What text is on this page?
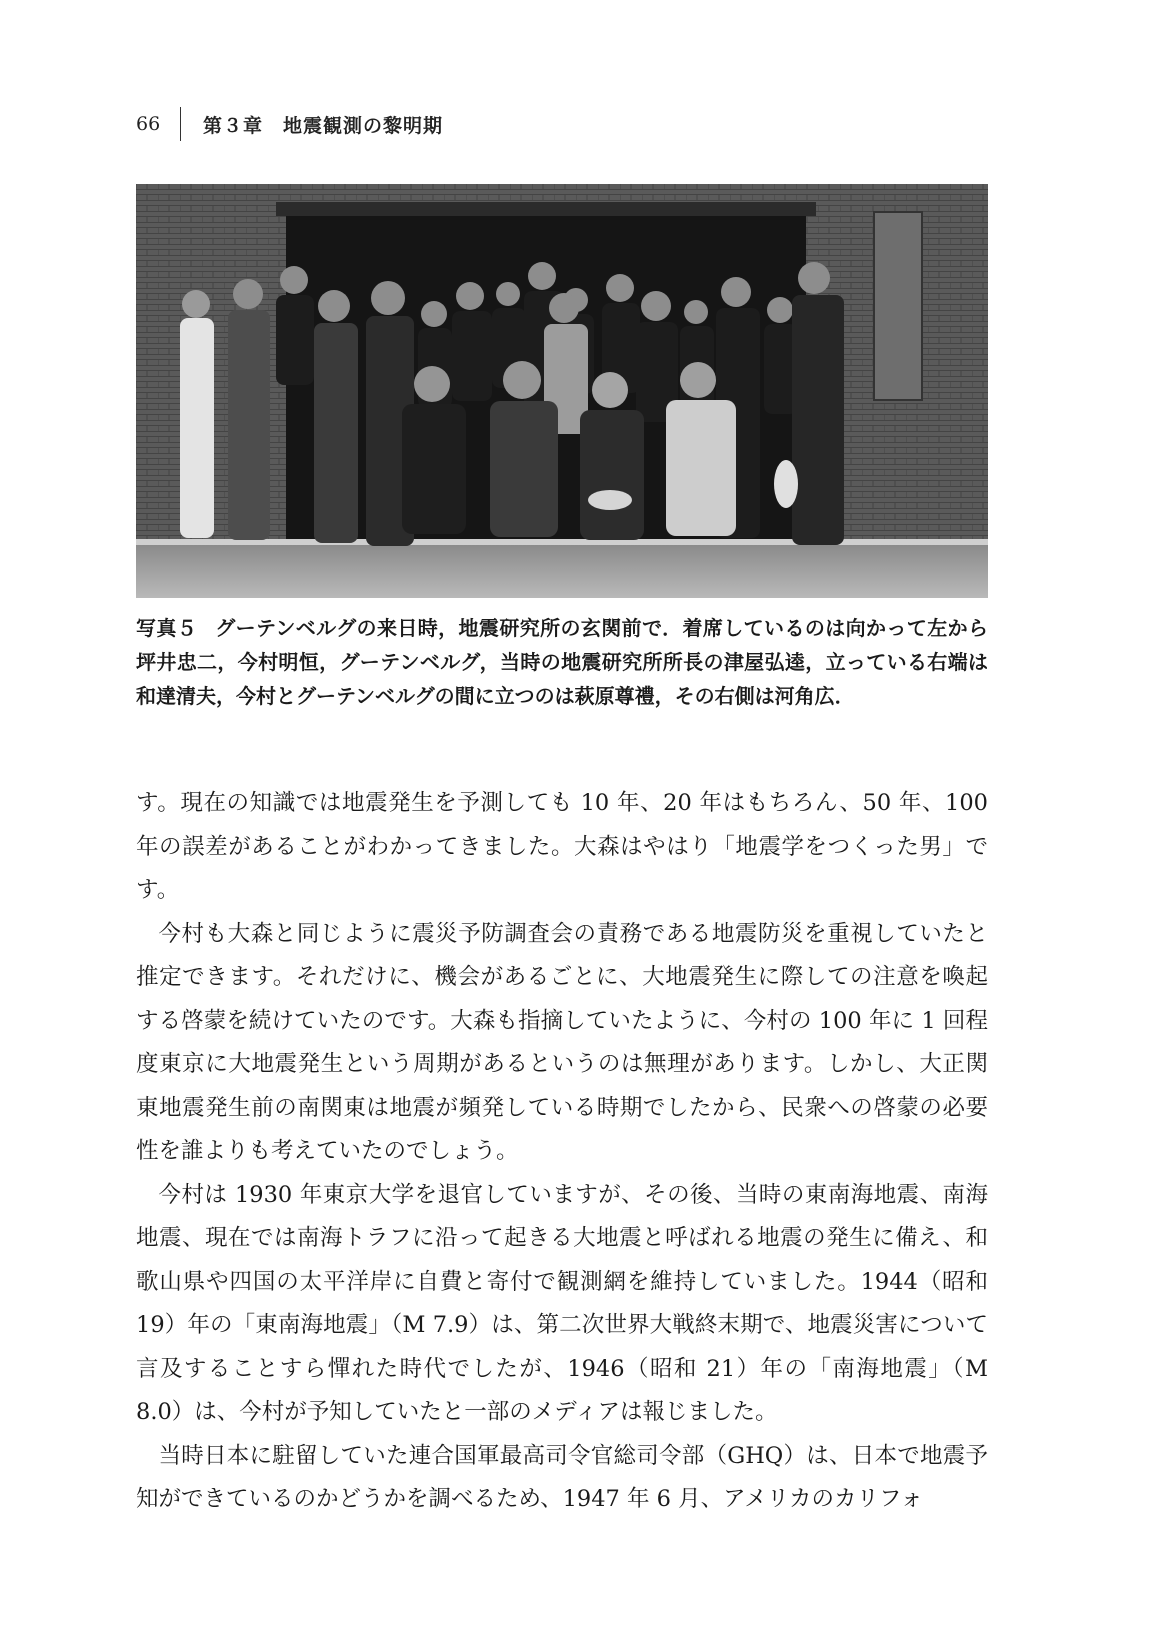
66	第３章　地震観測の黎明期
写真５ グーテンベルグの来日時，地震研究所の玄関前で．着席しているのは向かって左から坪井忠二，今村明恒，グーテンベルグ，当時の地震研究所所長の津屋弘逵，立っている右端は和達清夫，今村とグーテンベルグの間に立つのは萩原尊禮，その右側は河角広．

す。現在の知識では地震発生を予測しても 10 年、20 年はもちろん、50 年、100 年の誤差があることがわかってきました。大森はやはり「地震学をつくった男」です。

今村も大森と同じように震災予防調査会の責務である地震防災を重視していたと推定できます。それだけに、機会があるごとに、大地震発生に際しての注意を喚起する啓蒙を続けていたのです。大森も指摘していたように、今村の 100 年に 1 回程度東京に大地震発生という周期があるというのは無理があります。しかし、大正関東地震発生前の南関東は地震が頻発している時期でしたから、民衆への啓蒙の必要性を誰よりも考えていたのでしょう。

今村は 1930 年東京大学を退官していますが、その後、当時の東南海地震、南海地震、現在では南海トラフに沿って起きる大地震と呼ばれる地震の発生に備え、和歌山県や四国の太平洋岸に自費と寄付で観測網を維持していました。1944（昭和 19）年の「東南海地震」（M 7.9）は、第二次世界大戦終末期で、地震災害について言及することすら憚れた時代でしたが、1946（昭和 21）年の「南海地震」（M 8.0）は、今村が予知していたと一部のメディアは報じました。

当時日本に駐留していた連合国軍最高司令官総司令部（GHQ）は、日本で地震予知ができているのかどうかを調べるため、1947 年 6 月、アメリカのカリフォ
